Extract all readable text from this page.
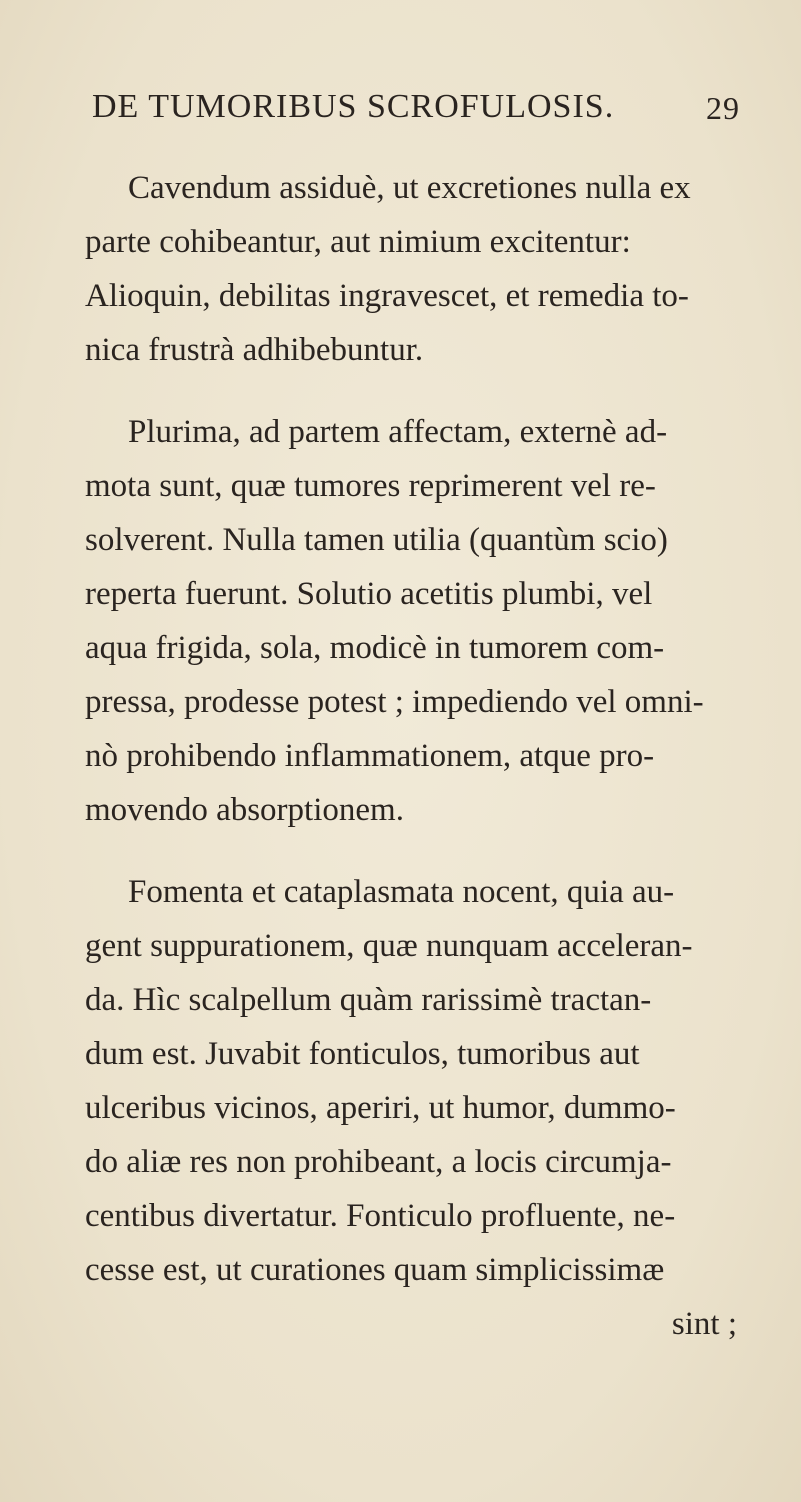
DE TUMORIBUS SCROFULOSIS.	29
Cavendum assiduè, ut excretiones nulla ex
parte cohibeantur, aut nimium excitentur:
Alioquin, debilitas ingravescet, et remedia to-
nica frustrà adhibebuntur.
Plurima, ad partem affectam, externè ad-
mota sunt, quæ tumores reprimerent vel re-
solverent. Nulla tamen utilia (quantùm scio)
reperta fuerunt. Solutio acetitis plumbi, vel
aqua frigida, sola, modicè in tumorem com-
pressa, prodesse potest ; impediendo vel omni-
nò prohibendo inflammationem, atque pro-
movendo absorptionem.
Fomenta et cataplasmata nocent, quia au-
gent suppurationem, quæ nunquam acceleran-
da. Hìc scalpellum quàm rarissimè tractan-
dum est. Juvabit fonticulos, tumoribus aut
ulceribus vicinos, aperiri, ut humor, dummo-
do aliæ res non prohibeant, a locis circumja-
centibus divertatur. Fonticulo profluente, ne-
cesse est, ut curationes quam simplicissimæ
sint ;
